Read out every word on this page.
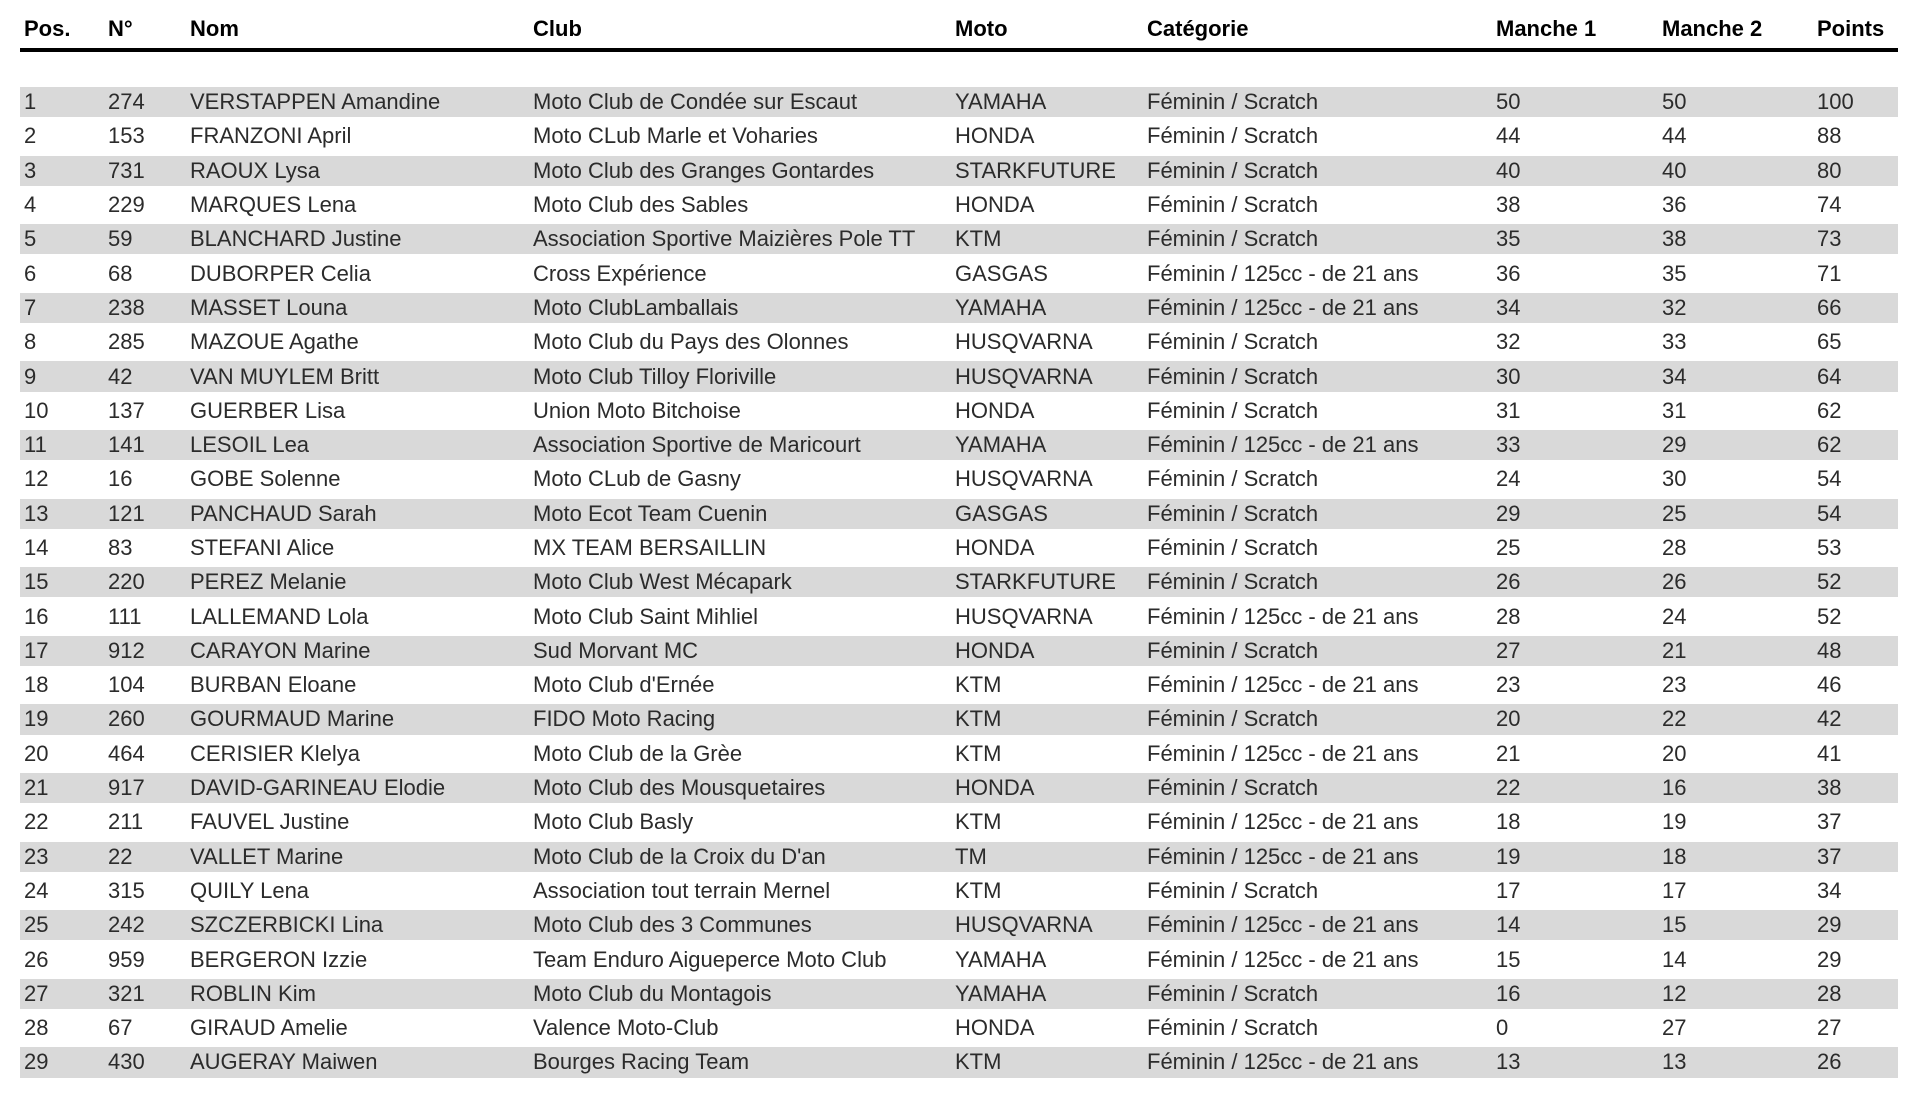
Pos.	N°	Nom	Club	Moto	Catégorie	Manche 1	Manche 2	Points
1	274	VERSTAPPEN Amandine	Moto Club de Condée sur Escaut	YAMAHA	Féminin / Scratch	50	50	100
2	153	FRANZONI April	Moto CLub Marle et Voharies	HONDA	Féminin / Scratch	44	44	88
3	731	RAOUX Lysa	Moto Club des Granges Gontardes	STARKFUTURE	Féminin / Scratch	40	40	80
4	229	MARQUES Lena	Moto Club des Sables	HONDA	Féminin / Scratch	38	36	74
5	59	BLANCHARD Justine	Association Sportive Maizières Pole TT	KTM	Féminin / Scratch	35	38	73
6	68	DUBORPER Celia	Cross Expérience	GASGAS	Féminin / 125cc - de 21 ans	36	35	71
7	238	MASSET Louna	Moto ClubLamballais	YAMAHA	Féminin / 125cc - de 21 ans	34	32	66
8	285	MAZOUE Agathe	Moto Club du Pays des Olonnes	HUSQVARNA	Féminin / Scratch	32	33	65
9	42	VAN MUYLEM Britt	Moto Club Tilloy Floriville	HUSQVARNA	Féminin / Scratch	30	34	64
10	137	GUERBER Lisa	Union Moto Bitchoise	HONDA	Féminin / Scratch	31	31	62
11	141	LESOIL Lea	Association Sportive de Maricourt	YAMAHA	Féminin / 125cc - de 21 ans	33	29	62
12	16	GOBE Solenne	Moto CLub de Gasny	HUSQVARNA	Féminin / Scratch	24	30	54
13	121	PANCHAUD Sarah	Moto Ecot Team Cuenin	GASGAS	Féminin / Scratch	29	25	54
14	83	STEFANI Alice	MX TEAM BERSAILLIN	HONDA	Féminin / Scratch	25	28	53
15	220	PEREZ Melanie	Moto Club West Mécapark	STARKFUTURE	Féminin / Scratch	26	26	52
16	111	LALLEMAND Lola	Moto Club Saint Mihliel	HUSQVARNA	Féminin / 125cc - de 21 ans	28	24	52
17	912	CARAYON Marine	Sud Morvant MC	HONDA	Féminin / Scratch	27	21	48
18	104	BURBAN Eloane	Moto Club d'Ernée	KTM	Féminin / 125cc - de 21 ans	23	23	46
19	260	GOURMAUD Marine	FIDO Moto Racing	KTM	Féminin / Scratch	20	22	42
20	464	CERISIER Klelya	Moto Club de la Grèe	KTM	Féminin / 125cc - de 21 ans	21	20	41
21	917	DAVID-GARINEAU Elodie	Moto Club des Mousquetaires	HONDA	Féminin / Scratch	22	16	38
22	211	FAUVEL Justine	Moto Club Basly	KTM	Féminin / 125cc - de 21 ans	18	19	37
23	22	VALLET Marine	Moto Club de la Croix du D'an	TM	Féminin / 125cc - de 21 ans	19	18	37
24	315	QUILY Lena	Association tout terrain Mernel	KTM	Féminin / Scratch	17	17	34
25	242	SZCZERBICKI Lina	Moto Club des 3 Communes	HUSQVARNA	Féminin / 125cc - de 21 ans	14	15	29
26	959	BERGERON Izzie	Team Enduro Aigueperce Moto Club	YAMAHA	Féminin / 125cc - de 21 ans	15	14	29
27	321	ROBLIN Kim	Moto Club du Montagois	YAMAHA	Féminin / Scratch	16	12	28
28	67	GIRAUD Amelie	Valence Moto-Club	HONDA	Féminin / Scratch	0	27	27
29	430	AUGERAY Maiwen	Bourges Racing Team	KTM	Féminin / 125cc - de 21 ans	13	13	26
